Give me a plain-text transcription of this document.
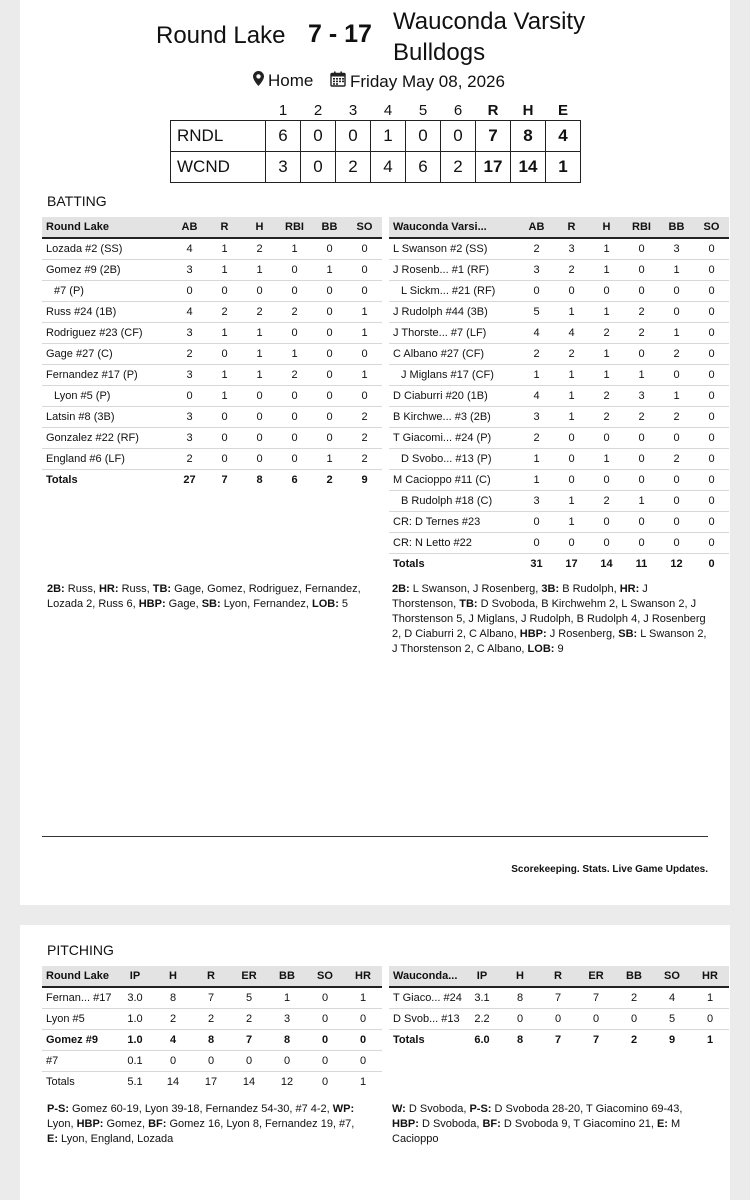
Round Lake 7 - 17 Wauconda Varsity Bulldogs
Home Friday May 08, 2026
	1	2	3	4	5	6	R	H	E
RNDL	6	0	0	1	0	0	7	8	4
WCND	3	0	2	4	6	2	17	14	1
BATTING
Round Lake	AB	R	H	RBI	BB	SO
Lozada #2 (SS)	4	1	2	1	0	0
Gomez #9 (2B)	3	1	1	0	1	0
#7 (P)	0	0	0	0	0	0
Russ #24 (1B)	4	2	2	2	0	1
Rodriguez #23 (CF)	3	1	1	0	0	1
Gage #27 (C)	2	0	1	1	0	0
Fernandez #17 (P)	3	1	1	2	0	1
Lyon #5 (P)	0	1	0	0	0	0
Latsin #8 (3B)	3	0	0	0	0	2
Gonzalez #22 (RF)	3	0	0	0	0	2
England #6 (LF)	2	0	0	0	1	2
Totals	27	7	8	6	2	9
Wauconda Varsi...	AB	R	H	RBI	BB	SO
L Swanson #2 (SS)	2	3	1	0	3	0
J Rosenb... #1 (RF)	3	2	1	0	1	0
L Sickm... #21 (RF)	0	0	0	0	0	0
J Rudolph #44 (3B)	5	1	1	2	0	0
J Thorste... #7 (LF)	4	4	2	2	1	0
C Albano #27 (CF)	2	2	1	0	2	0
J Miglans #17 (CF)	1	1	1	1	0	0
D Ciaburri #20 (1B)	4	1	2	3	1	0
B Kirchwe... #3 (2B)	3	1	2	2	2	0
T Giacomi... #24 (P)	2	0	0	0	0	0
D Svobo... #13 (P)	1	0	1	0	2	0
M Cacioppo #11 (C)	1	0	0	0	0	0
B Rudolph #18 (C)	3	1	2	1	0	0
CR: D Ternes #23	0	1	0	0	0	0
CR: N Letto #22	0	0	0	0	0	0
Totals	31	17	14	11	12	0
2B: Russ, HR: Russ, TB: Gage, Gomez, Rodriguez, Fernandez, Lozada 2, Russ 6, HBP: Gage, SB: Lyon, Fernandez, LOB: 5
2B: L Swanson, J Rosenberg, 3B: B Rudolph, HR: J Thorstenson, TB: D Svoboda, B Kirchwehm 2, L Swanson 2, J Thorstenson 5, J Miglans, J Rudolph, B Rudolph 4, J Rosenberg 2, D Ciaburri 2, C Albano, HBP: J Rosenberg, SB: L Swanson 2, J Thorstenson 2, C Albano, LOB: 9
Scorekeeping. Stats. Live Game Updates.
PITCHING
Round Lake	IP	H	R	ER	BB	SO	HR
Fernan... #17	3.0	8	7	5	1	0	1
Lyon #5	1.0	2	2	2	3	0	0
Gomez #9	1.0	4	8	7	8	0	0
#7	0.1	0	0	0	0	0	0
Totals	5.1	14	17	14	12	0	1
Wauconda...	IP	H	R	ER	BB	SO	HR
T Giaco... #24	3.1	8	7	7	2	4	1
D Svob... #13	2.2	0	0	0	0	5	0
Totals	6.0	8	7	7	2	9	1
P-S: Gomez 60-19, Lyon 39-18, Fernandez 54-30, #7 4-2, WP: Lyon, HBP: Gomez, BF: Gomez 16, Lyon 8, Fernandez 19, #7, E: Lyon, England, Lozada
W: D Svoboda, P-S: D Svoboda 28-20, T Giacomino 69-43, HBP: D Svoboda, BF: D Svoboda 9, T Giacomino 21, E: M Cacioppo
